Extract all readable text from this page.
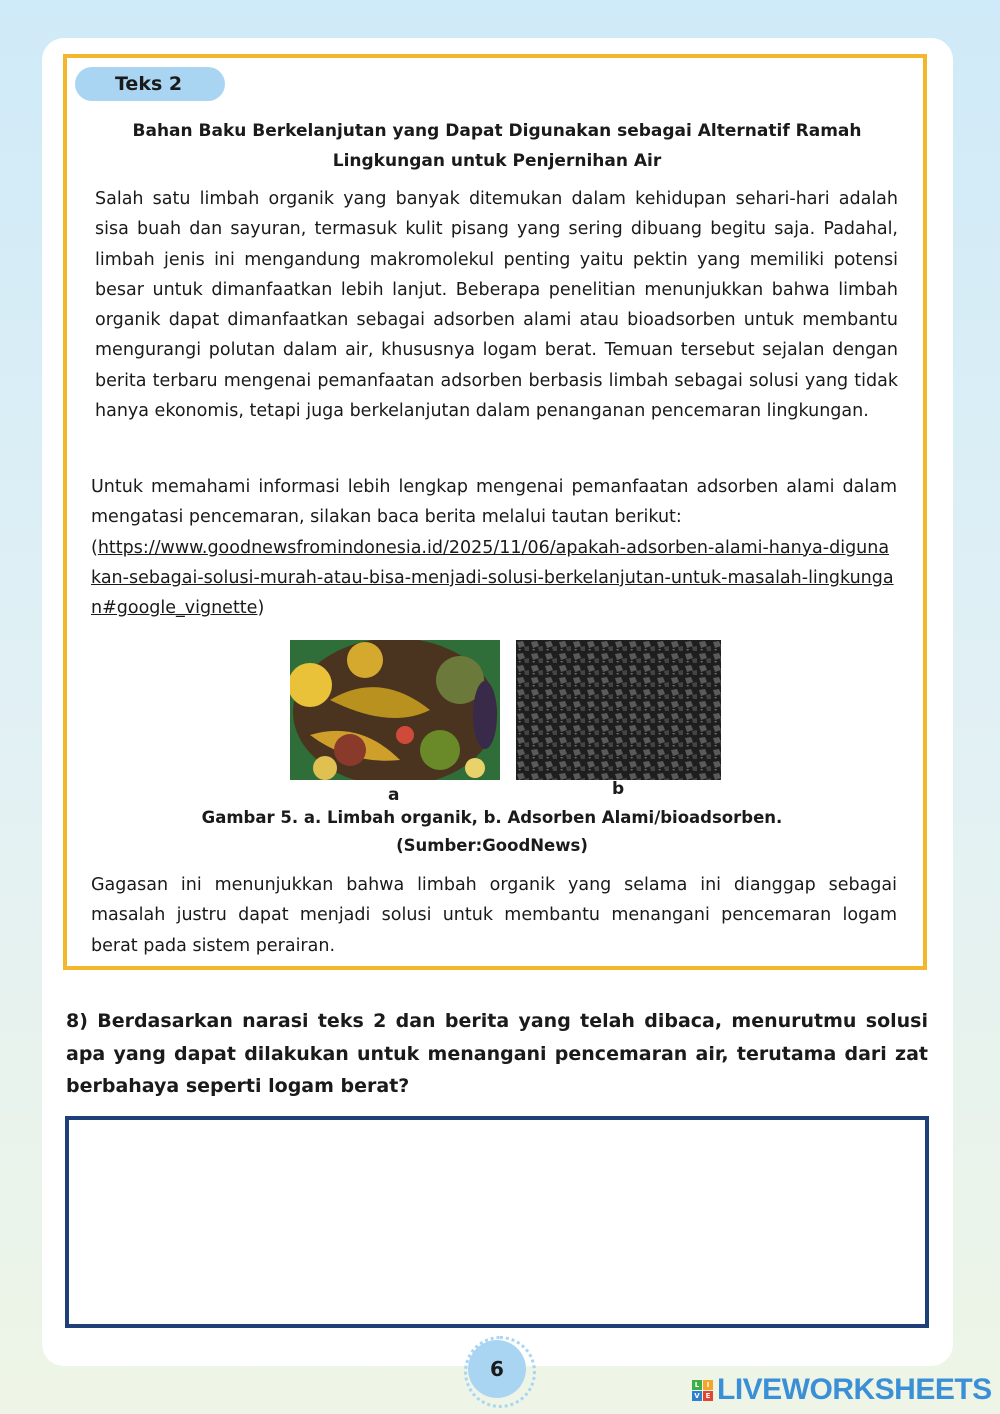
Teks 2
Bahan Baku Berkelanjutan yang Dapat Digunakan sebagai Alternatif Ramah Lingkungan untuk Penjernihan Air

Salah satu limbah organik yang banyak ditemukan dalam kehidupan sehari-hari adalah sisa buah dan sayuran, termasuk kulit pisang yang sering dibuang begitu saja. Padahal, limbah jenis ini mengandung makromolekul penting yaitu pektin yang memiliki potensi besar untuk dimanfaatkan lebih lanjut. Beberapa penelitian menunjukkan bahwa limbah organik dapat dimanfaatkan sebagai adsorben alami atau bioadsorben untuk membantu mengurangi polutan dalam air, khususnya logam berat. Temuan tersebut sejalan dengan berita terbaru mengenai pemanfaatan adsorben berbasis limbah sebagai solusi yang tidak hanya ekonomis, tetapi juga berkelanjutan dalam penanganan pencemaran lingkungan.

Untuk memahami informasi lebih lengkap mengenai pemanfaatan adsorben alami dalam mengatasi pencemaran, silakan baca berita melalui tautan berikut:
(https://www.goodnewsfromindonesia.id/2025/11/06/apakah-adsorben-alami-hanya-digunakan-sebagai-solusi-murah-atau-bisa-menjadi-solusi-berkelanjutan-untuk-masalah-lingkungan#google_vignette)

a	b
Gambar 5. a. Limbah organik, b. Adsorben Alami/bioadsorben.
(Sumber:GoodNews)

Gagasan ini menunjukkan bahwa limbah organik yang selama ini dianggap sebagai masalah justru dapat menjadi solusi untuk membantu menangani pencemaran logam berat pada sistem perairan.

8) Berdasarkan narasi teks 2 dan berita yang telah dibaca, menurutmu solusi apa yang dapat dilakukan untuk menangani pencemaran air, terutama dari zat berbahaya seperti logam berat?

6
L	I
V E LIVEWORKSHEETS
